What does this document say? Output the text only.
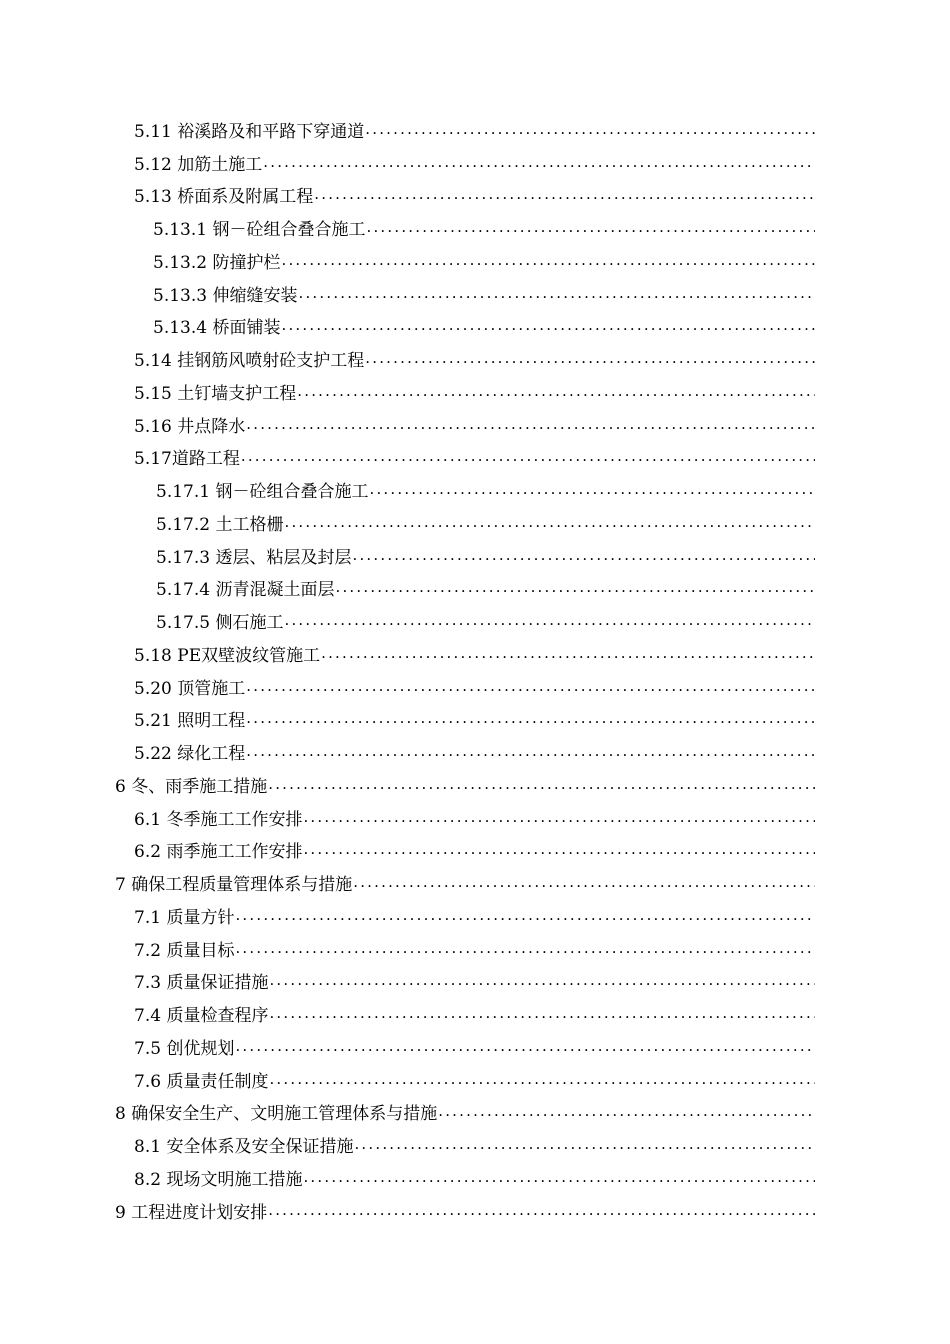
5.11 裕溪路及和平路下穿通道
.....
5.12 加筋土施工
.....
5.13 桥面系及附属工程
.....
5.13.1 钢－砼组合叠合施工
.....
5.13.2 防撞护栏
.....
5.13.3 伸缩缝安装
.....
5.13.4 桥面铺装
.....
5.14 挂钢筋风喷射砼支护工程
.....
5.15 土钉墙支护工程
.....
5.16 井点降水
.....
5.17道路工程
.....
5.17.1 钢－砼组合叠合施工
.....
5.17.2 土工格栅
.....
5.17.3 透层、粘层及封层
.....
5.17.4 沥青混凝土面层
.....
5.17.5 侧石施工
.....
5.18 PE双壁波纹管施工
.....
5.20 顶管施工
.....
5.21 照明工程
.....
5.22 绿化工程
.....
6 冬、雨季施工措施
.....
6.1 冬季施工工作安排
.....
6.2 雨季施工工作安排
.....
7 确保工程质量管理体系与措施
.....
7.1 质量方针
.....
7.2 质量目标
.....
7.3 质量保证措施
.....
7.4 质量检查程序
.....
7.5 创优规划
.....
7.6 质量责任制度
.....
8 确保安全生产、文明施工管理体系与措施
.....
8.1 安全体系及安全保证措施
.....
8.2 现场文明施工措施
.....
9 工程进度计划安排
.....
